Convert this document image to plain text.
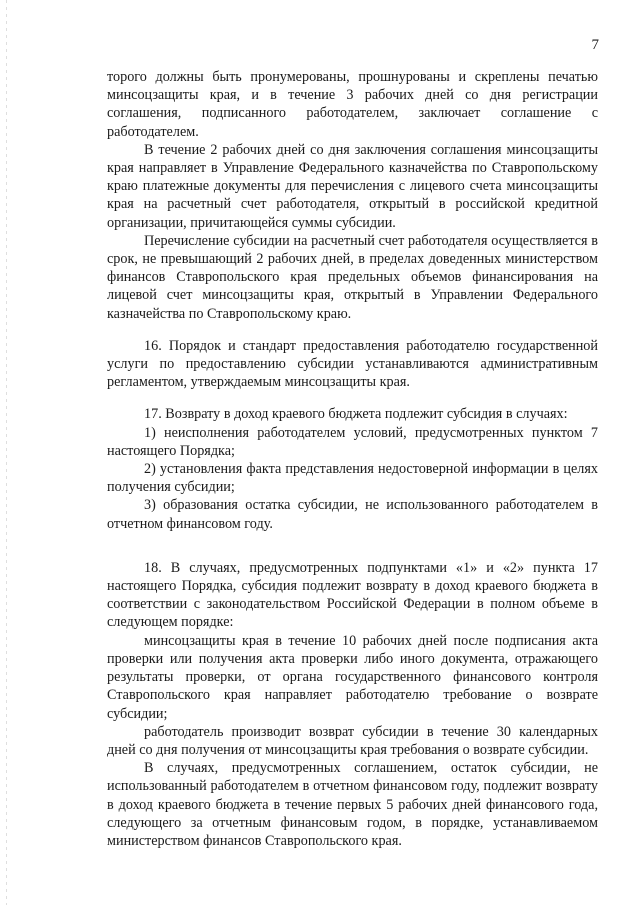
7

торого должны быть пронумерованы, прошнурованы и скреплены печатью минсоцзащиты края, и в течение 3 рабочих дней со дня регистрации соглашения, подписанного работодателем, заключает соглашение с работодателем.

В течение 2 рабочих дней со дня заключения соглашения минсоцзащиты края направляет в Управление Федерального казначейства по Ставропольскому краю платежные документы для перечисления с лицевого счета минсоцзащиты края на расчетный счет работодателя, открытый в российской кредитной организации, причитающейся суммы субсидии.

Перечисление субсидии на расчетный счет работодателя осуществляется в срок, не превышающий 2 рабочих дней, в пределах доведенных министерством финансов Ставропольского края предельных объемов финансирования на лицевой счет минсоцзащиты края, открытый в Управлении Федерального казначейства по Ставропольскому краю.

16. Порядок и стандарт предоставления работодателю государственной услуги по предоставлению субсидии устанавливаются административным регламентом, утверждаемым минсоцзащиты края.

17. Возврату в доход краевого бюджета подлежит субсидия в случаях:

1) неисполнения работодателем условий, предусмотренных пунктом 7 настоящего Порядка;

2) установления факта представления недостоверной информации в целях получения субсидии;

3) образования остатка субсидии, не использованного работодателем в отчетном финансовом году.

18. В случаях, предусмотренных подпунктами «1» и «2» пункта 17 настоящего Порядка, субсидия подлежит возврату в доход краевого бюджета в соответствии с законодательством Российской Федерации в полном объеме в следующем порядке:

минсоцзащиты края в течение 10 рабочих дней после подписания акта проверки или получения акта проверки либо иного документа, отражающего результаты проверки, от органа государственного финансового контроля Ставропольского края направляет работодателю требование о возврате субсидии;

работодатель производит возврат субсидии в течение 30 календарных дней со дня получения от минсоцзащиты края требования о возврате субсидии.

В случаях, предусмотренных соглашением, остаток субсидии, не использованный работодателем в отчетном финансовом году, подлежит возврату в доход краевого бюджета в течение первых 5 рабочих дней финансового года, следующего за отчетным финансовым годом, в порядке, устанавливаемом министерством финансов Ставропольского края.
